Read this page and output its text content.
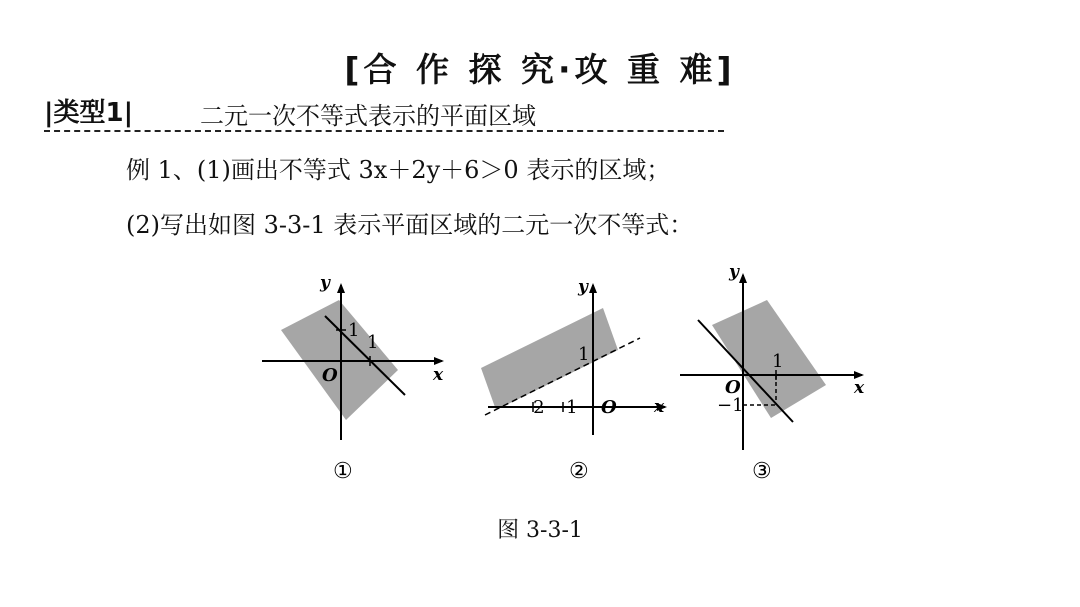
[合 作 探 究·攻 重 难]
|类型1|	二元一次不等式表示的平面区域
例 1、(1)画出不等式 3x＋2y＋6＞0 表示的区域；
(2)写出如图 3-3-1 表示平面区域的二元一次不等式：
y
x
O
1
1
①
y
x
O
1
−2 −1
②
y
x
O
1
−1
③
图 3-3-1
